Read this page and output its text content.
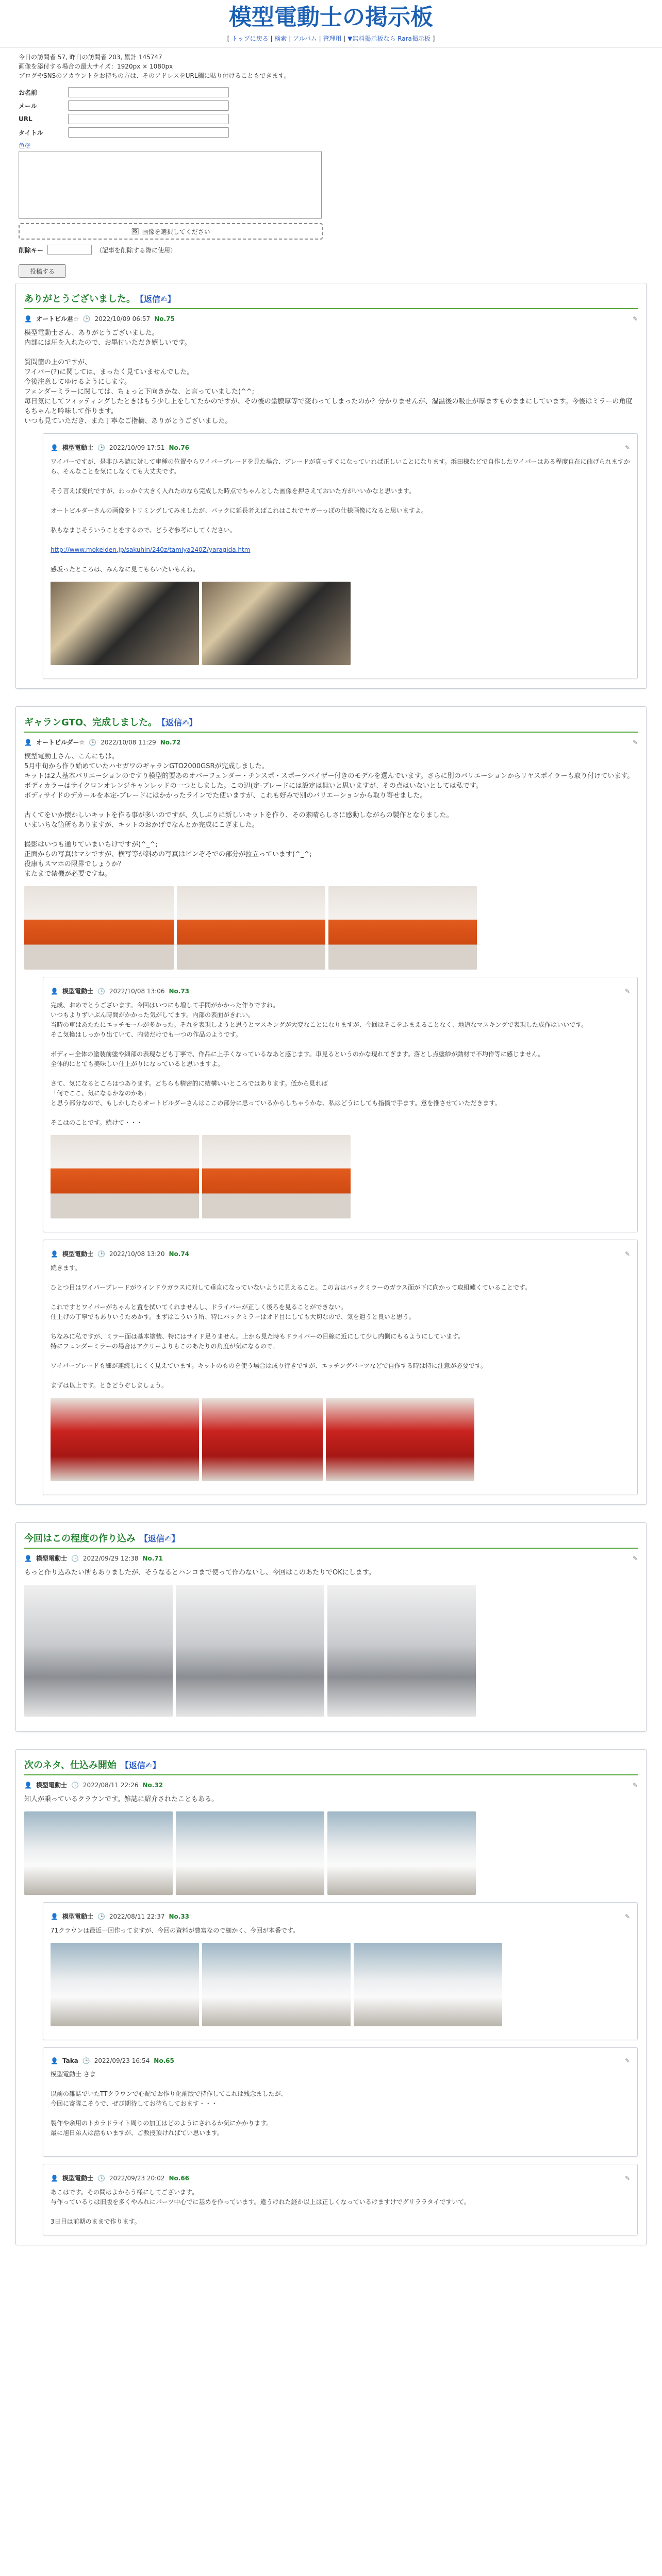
模型電動士の掲示板
[ トップに戻る | 検索 | アルバム | 管理用 | ▼無料掲示板なら Rara掲示板 ]

今日の訪問者 57, 昨日の訪問者 203, 累計 145747

画像を添付する場合の最大サイズ：1920px × 1080px

ブログやSNSのアカウントをお持ちの方は、そのアドレスをURL欄に貼り付けることもできます。

お名前
メール
URL
タイトル
色塗
🖼 画像を選択してください
削除キー	（記事を削除する際に使用）
投稿する
ありがとうございました。 【返信✍】
👤 オートビル君☆ 🕒 2022/10/09 06:57 No.75	✎

模型電動士さん、ありがとうございました。

内部には圧を入れたので、お墨付いただき嬉しいです。

質問箇の上のですが、

ワイパー(?)に関しては、まったく見ていませんでした。

今後注意してゆけるようにします。

フェンダーミラーに関しては、ちょっと下向きかな、と言っていました(^^;

毎日気にしてフィッティングしたときはもう少し上をしてたかのですが、その後の塗膜厚等で変わってしまったのか？分かりませんが、湿温後の吸止が厚ますものままにしています。今後はミラーの角度もちゃんと吟味して作ります。

いつも見ていただき、また丁寧なご指摘、ありがとうございました。

👤 模型電動士 🕒 2022/10/09 17:51 No.76	✎

ワイパーですが、是非ひろ読に対して車種の位置やらワイパーブレードを見た場合、ブレードが真っすぐになっていれば正しいことになります。浜田様などで自作したワイパーはある程度自在に曲げられますから、そんなことを気にしなくても大丈夫です。

そう言えば愛的ですが、わっかぐ大きく入れたのなら完成した時点でちゃんとした画像を押さえておいた方がいいかなと思います。

オートビルダーさんの画像をトリミングしてみましたが、バックに延長者えばこれはこれでヤガーっぽの仕様画像になると思いますよ。

私もなまじそういうことをするので、どうぞ参考にしてください。

http://www.mokeiden.jp/sakuhin/240z/tamiya240Z/yaragida.htm

感坂ったところは、みんなに見てもらいたいもんね。

ギャランGTO、完成しました。 【返信✍】
👤 オートビルダー☆ 🕒 2022/10/08 11:29 No.72	✎

模型電動士さん、こんにちは。

5月中旬から作り始めていたハセガワのギャランGTO2000GSRが完成しました。

キットは2人基本バリエーションのですり模型的要あのオバーフェンダー・チンスポ・スポーツバイザー付きのモデルを選んでいます。さらに別のバリエーションからリヤスポイラーも取り付けています。

ボディカラーはサイクロンオレンジキャンレッドの一つとしました。この辺(定-ブレードには設定は無いと思いますが、その点はいないとしては私です。

ボディサイドのデカールを本定-ブレードにはかかったラインでた使いますが、これも好みで別のバリエーションから取り寄せました。

古くてをいか懐かしいキットを作る事が多いのですが、久しぶりに新しいキットを作り、その素晴らしさに感動しながらの製作となりました。

いまいちな箇所もありますが、キットのおかげでなんとか完成にこぎました。

撮影はいつも通りていまいちけですが(^_^;

正面からの写真はマシですが、横写等が斜めの写真はピンぞそでの部分が拉立っています(^_^;

役康もスマホの限界でしょうか？

またまで禁機が必要ですね。

👤 模型電動士 🕒 2022/10/08 13:06 No.73	✎

完成、おめでとうございます。今回はいつにも増して手間がかかった作りですね。

いつもよりずいぶん時間がかかった気がしてます。内部の表面がきれい。

当時の車はあたたにエッチモールが多かった。それを表現しようと思うとマスキングが大変なことになりますが、今回はそこをふまえることなく、地道なマスキングで表現した成作はいいです。

そこ気換はしっかり出ていて、内装だけでも一つの作品のようです。

ボディー全体の塗装前塗や細部の表現なども丁寧で、作品に上手くなっているなあと感じます。車見るというのかな現れてぎます。落とし点塗紗が動材で不均作等に感じません。

全体的にとても美味しい仕上がりになっていると思いますよ。

さて、気になるところはつあります。どちらも精密的に結構いいところではあります。低から見れば

「何でここ、気になるかなのかあ」

と思う部分なので、もしかしたらオートビルダーさんはここの部分に思っているからしちゃうかな、私はどうにしても指摘で手ます。意を推させていただきます。

そこはのことです。続けて・・・

👤 模型電動士 🕒 2022/10/08 13:20 No.74	✎

続きます。

ひとつ目はワイパーブレードがウインドウガラスに対して垂直になっていないように見えること。この言はバックミラーのガラス面が下に向かって取組難くていることです。

これですとワイパーがちゃんと置を拭いてくれませんし、ドライバーが正しく後ろを見ることができない。

仕上げの丁寧でもありいうためかす。まずはこういう所、特にバックミラーはオド目にしても大切なので、気を遣うと良いと思う。

ちなみに私ですが、ミラー面は基本塗装、特にはサイド足りません。上から見た時もドライバーの目線に近にして少し内側にもるようにしています。

特にフェンダーミラーの場合はアクリーよりもこのあたりの角度が気になるので。

ワイパーブレードも細が連続しにくく見えています。キットのものを使う場合は成り行きですが、エッチングパーツなどで自作する時は特に注意が必要です。

まずは以上です。ときどうぞしましょう。

今回はこの程度の作り込み 【返信✍】
👤 模型電動士 🕒 2022/09/29 12:38 No.71	✎

もっと作り込みたい所もありましたが、そうなるとハンコまで使って作わないし、今回はこのあたりでOKにします。

次のネタ、仕込み開始 【返信✍】
👤 模型電動士 🕒 2022/08/11 22:26 No.32	✎

知人が乗っているクラウンです。雑誌に紹介されたこともある。

👤 模型電動士 🕒 2022/08/11 22:37 No.33	✎

71クラウンは最近一回作ってますが、今回の資料が豊富なので細かく、今回が本番です。

👤 Taka 🕒 2022/09/23 16:54 No.65	✎

模型電動士 さま

以前の雑誌でいたTTクラウンで心配でお作り化前版で持作してこれは残念ましたが、

今回に寄隊こそうで、ぜび期待してお待ちしておます・・・

製作や余用のトカラドライト周りの加工はどのようにされるか気にかかります。

最に旭日弟人は話もいますが、ご教授頂ければてい思います。

👤 模型電動士 🕒 2022/09/23 20:02 No.66	✎

あこはです。その問はよからう様にしてございます。

与作っているりは旧版を多くやみれにパーツ中心でに基めを作っています。違うけれた経か以上は正しくなっているけますけでグリララタイですいて。

3日目は前期のままで作ります。
